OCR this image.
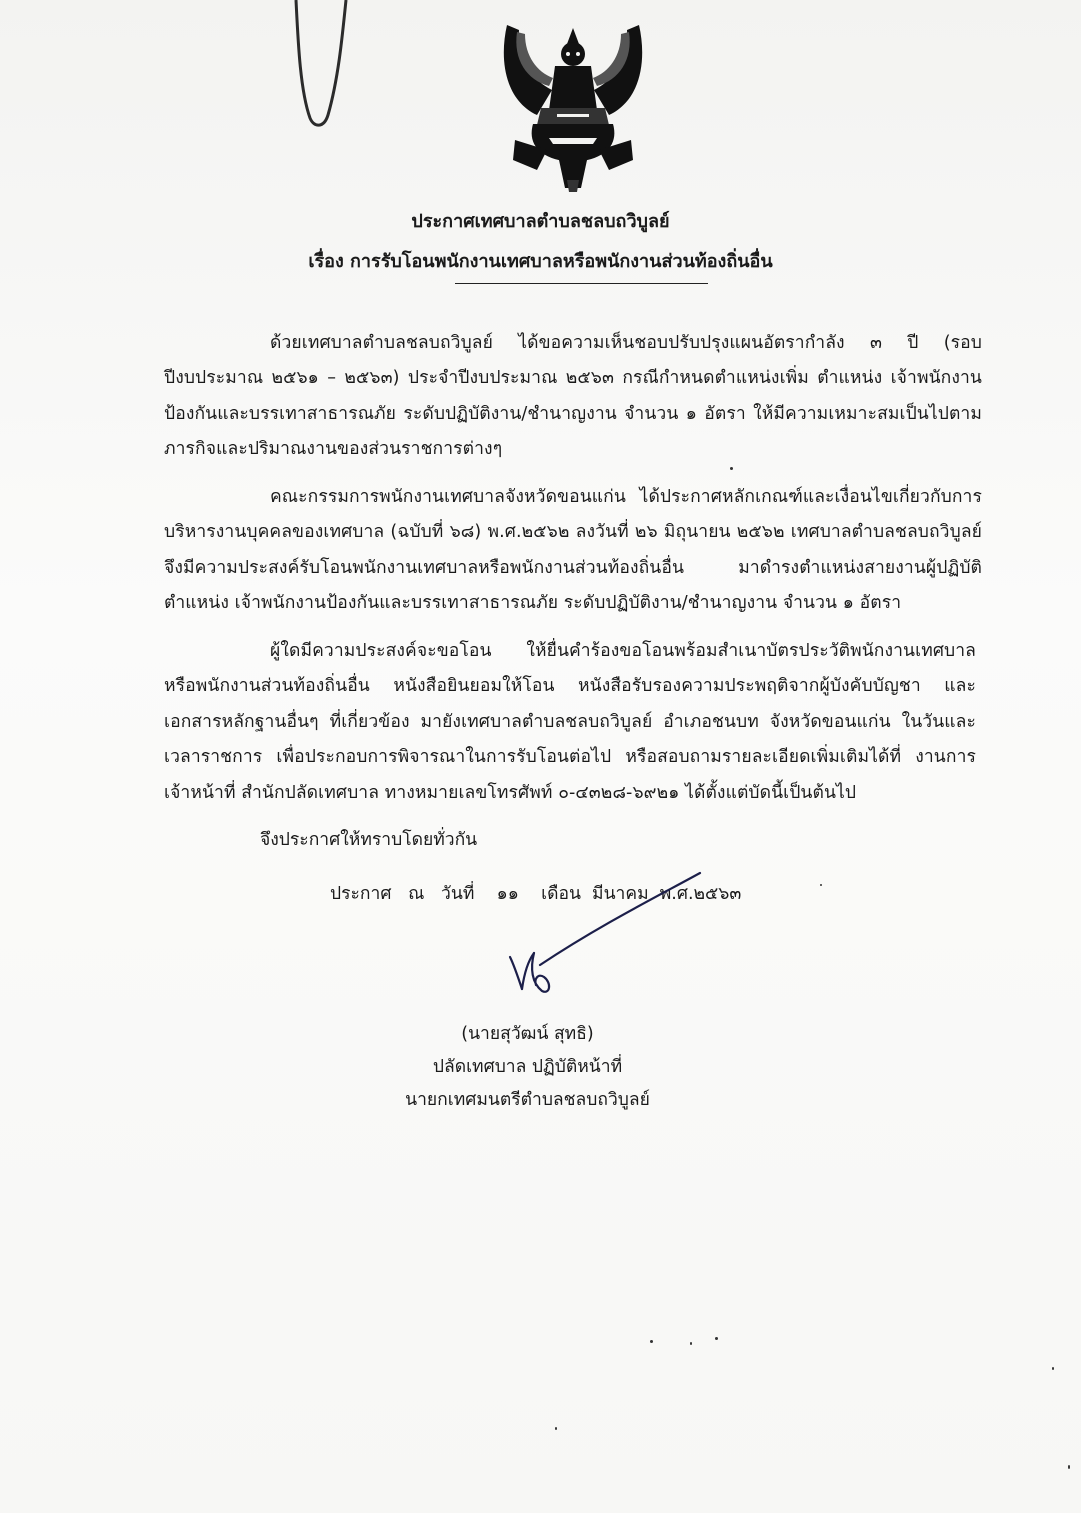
ประกาศเทศบาลตำบลชลบถวิบูลย์
เรื่อง การรับโอนพนักงานเทศบาลหรือพนักงานส่วนท้องถิ่นอื่น
ด้วยเทศบาลตำบลชลบถวิบูลย์ ได้ขอความเห็นชอบปรับปรุงแผนอัตรากำลัง ๓ ปี (รอบปีงบประมาณ ๒๕๖๑ – ๒๕๖๓) ประจำปีงบประมาณ ๒๕๖๓ กรณีกำหนดตำแหน่งเพิ่ม ตำแหน่ง เจ้าพนักงานป้องกันและบรรเทาสาธารณภัย ระดับปฏิบัติงาน/ชำนาญงาน จำนวน ๑ อัตรา ให้มีความเหมาะสมเป็นไปตามภารกิจและปริมาณงานของส่วนราชการต่างๆ
คณะกรรมการพนักงานเทศบาลจังหวัดขอนแก่น ได้ประกาศหลักเกณฑ์และเงื่อนไขเกี่ยวกับการบริหารงานบุคคลของเทศบาล (ฉบับที่ ๖๘) พ.ศ.๒๕๖๒ ลงวันที่ ๒๖ มิถุนายน ๒๕๖๒ เทศบาลตำบลชลบถวิบูลย์จึงมีความประสงค์รับโอนพนักงานเทศบาลหรือพนักงานส่วนท้องถิ่นอื่น มาดำรงตำแหน่งสายงานผู้ปฏิบัติ ตำแหน่ง เจ้าพนักงานป้องกันและบรรเทาสาธารณภัย ระดับปฏิบัติงาน/ชำนาญงาน จำนวน ๑ อัตรา
ผู้ใดมีความประสงค์จะขอโอน ให้ยื่นคำร้องขอโอนพร้อมสำเนาบัตรประวัติพนักงานเทศบาลหรือพนักงานส่วนท้องถิ่นอื่น หนังสือยินยอมให้โอน หนังสือรับรองความประพฤติจากผู้บังคับบัญชา และเอกสารหลักฐานอื่นๆ ที่เกี่ยวข้อง มายังเทศบาลตำบลชลบถวิบูลย์ อำเภอชนบท จังหวัดขอนแก่น ในวันและเวลาราชการ เพื่อประกอบการพิจารณาในการรับโอนต่อไป หรือสอบถามรายละเอียดเพิ่มเติมได้ที่ งานการเจ้าหน้าที่ สำนักปลัดเทศบาล ทางหมายเลขโทรศัพท์ ๐-๔๓๒๘-๖๙๒๑ ได้ตั้งแต่บัดนี้เป็นต้นไป
จึงประกาศให้ทราบโดยทั่วกัน
ประกาศ   ณ   วันที่    ๑๑    เดือน  มีนาคม  พ.ศ.๒๕๖๓
(นายสุวัฒน์ สุทธิ)
ปลัดเทศบาล ปฏิบัติหน้าที่
นายกเทศมนตรีตำบลชลบถวิบูลย์
